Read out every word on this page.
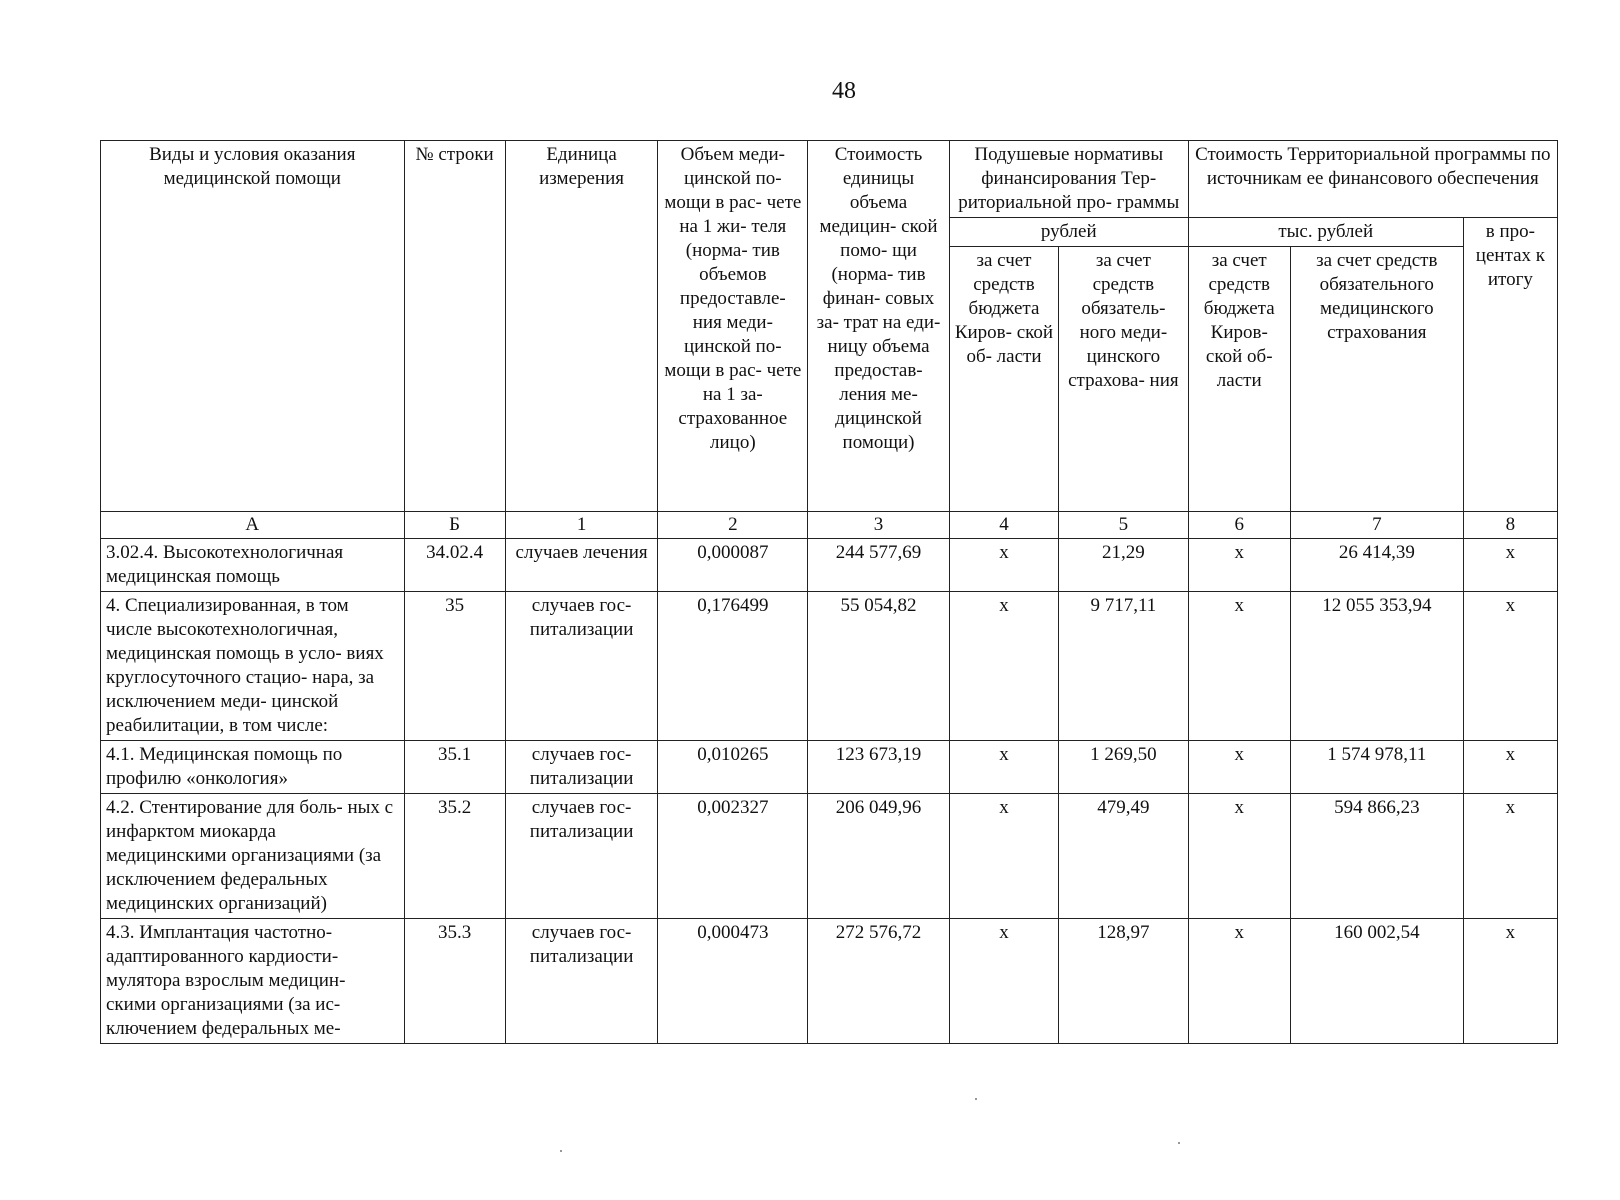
48
Виды и условия оказания медицинской помощи	№ строки	Единица измерения	Объем меди- цинской по- мощи в рас- чете на 1 жи- теля (норма- тив объемов предоставле- ния меди- цинской по- мощи в рас- чете на 1 за- страхованное лицо)	Стоимость единицы объема медицин- ской помо- щи (норма- тив финан- совых за- трат на еди- ницу объема предостав- ления ме- дицинской помощи)	Подушевые нормативы финансирования Тер- риториальной про- граммы		Стоимость Территориальной программы по источникам ее финансового обеспечения		
					рублей		тыс. рублей		в про- центах к итогу
					за счет средств бюджета Киров- ской об- ласти	за счет средств обязатель- ного меди- цинского страхова- ния	за счет средств бюджета Киров- ской об- ласти	за счет средств обязательного медицинского страхования	
А	Б	1	2	3	4	5	6	7	8
3.02.4. Высокотехнологичная медицинская помощь	34.02.4	случаев лечения	0,000087	244 577,69	х	21,29	х	26 414,39	х
4. Специализированная, в том числе высокотехнологичная, медицинская помощь в усло- виях круглосуточного стацио- нара, за исключением меди- цинской реабилитации, в том числе:	35	случаев гос- питализации	0,176499	55 054,82	х	9 717,11	х	12 055 353,94	х
4.1. Медицинская помощь по профилю «онкология»	35.1	случаев гос- питализации	0,010265	123 673,19	х	1 269,50	х	1 574 978,11	х
4.2. Стентирование для боль- ных с инфарктом миокарда медицинскими организациями (за исключением федеральных медицинских организаций)	35.2	случаев гос- питализации	0,002327	206 049,96	х	479,49	х	594 866,23	х
4.3. Имплантация частотно- адаптированного кардиости- мулятора взрослым медицин- скими организациями (за ис- ключением федеральных ме-	35.3	случаев гос- питализации	0,000473	272 576,72	х	128,97	х	160 002,54	х
